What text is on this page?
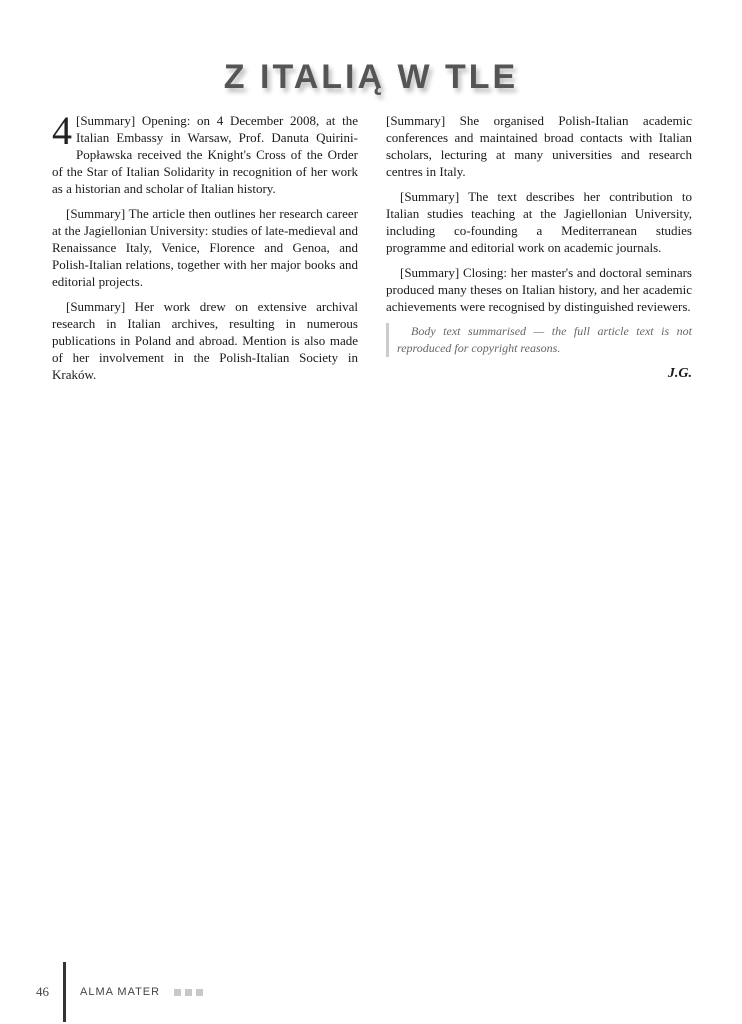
Z ITALIĄ W TLE

4 [Summary] Opening: on 4 December 2008, at the Italian Embassy in Warsaw, Prof. Danuta Quirini-Popławska received the Knight's Cross of the Order of the Star of Italian Solidarity in recognition of her work as a historian and scholar of Italian history.

[Summary] The article then outlines her research career at the Jagiellonian University: studies of late-medieval and Renaissance Italy, Venice, Florence and Genoa, and Polish-Italian relations, together with her major books and editorial projects.

[Summary] Her work drew on extensive archival research in Italian archives, resulting in numerous publications in Poland and abroad. Mention is also made of her involvement in the Polish-Italian Society in Kraków.

[Summary] She organised Polish-Italian academic conferences and maintained broad contacts with Italian scholars, lecturing at many universities and research centres in Italy.

[Summary] The text describes her contribution to Italian studies teaching at the Jagiellonian University, including co-founding a Mediterranean studies programme and editorial work on academic journals.

[Summary] Closing: her master's and doctoral seminars produced many theses on Italian history, and her academic achievements were recognised by distinguished reviewers.

Body text summarised — the full article text is not reproduced for copyright reasons.

J.G.
46	ALMA MATER
